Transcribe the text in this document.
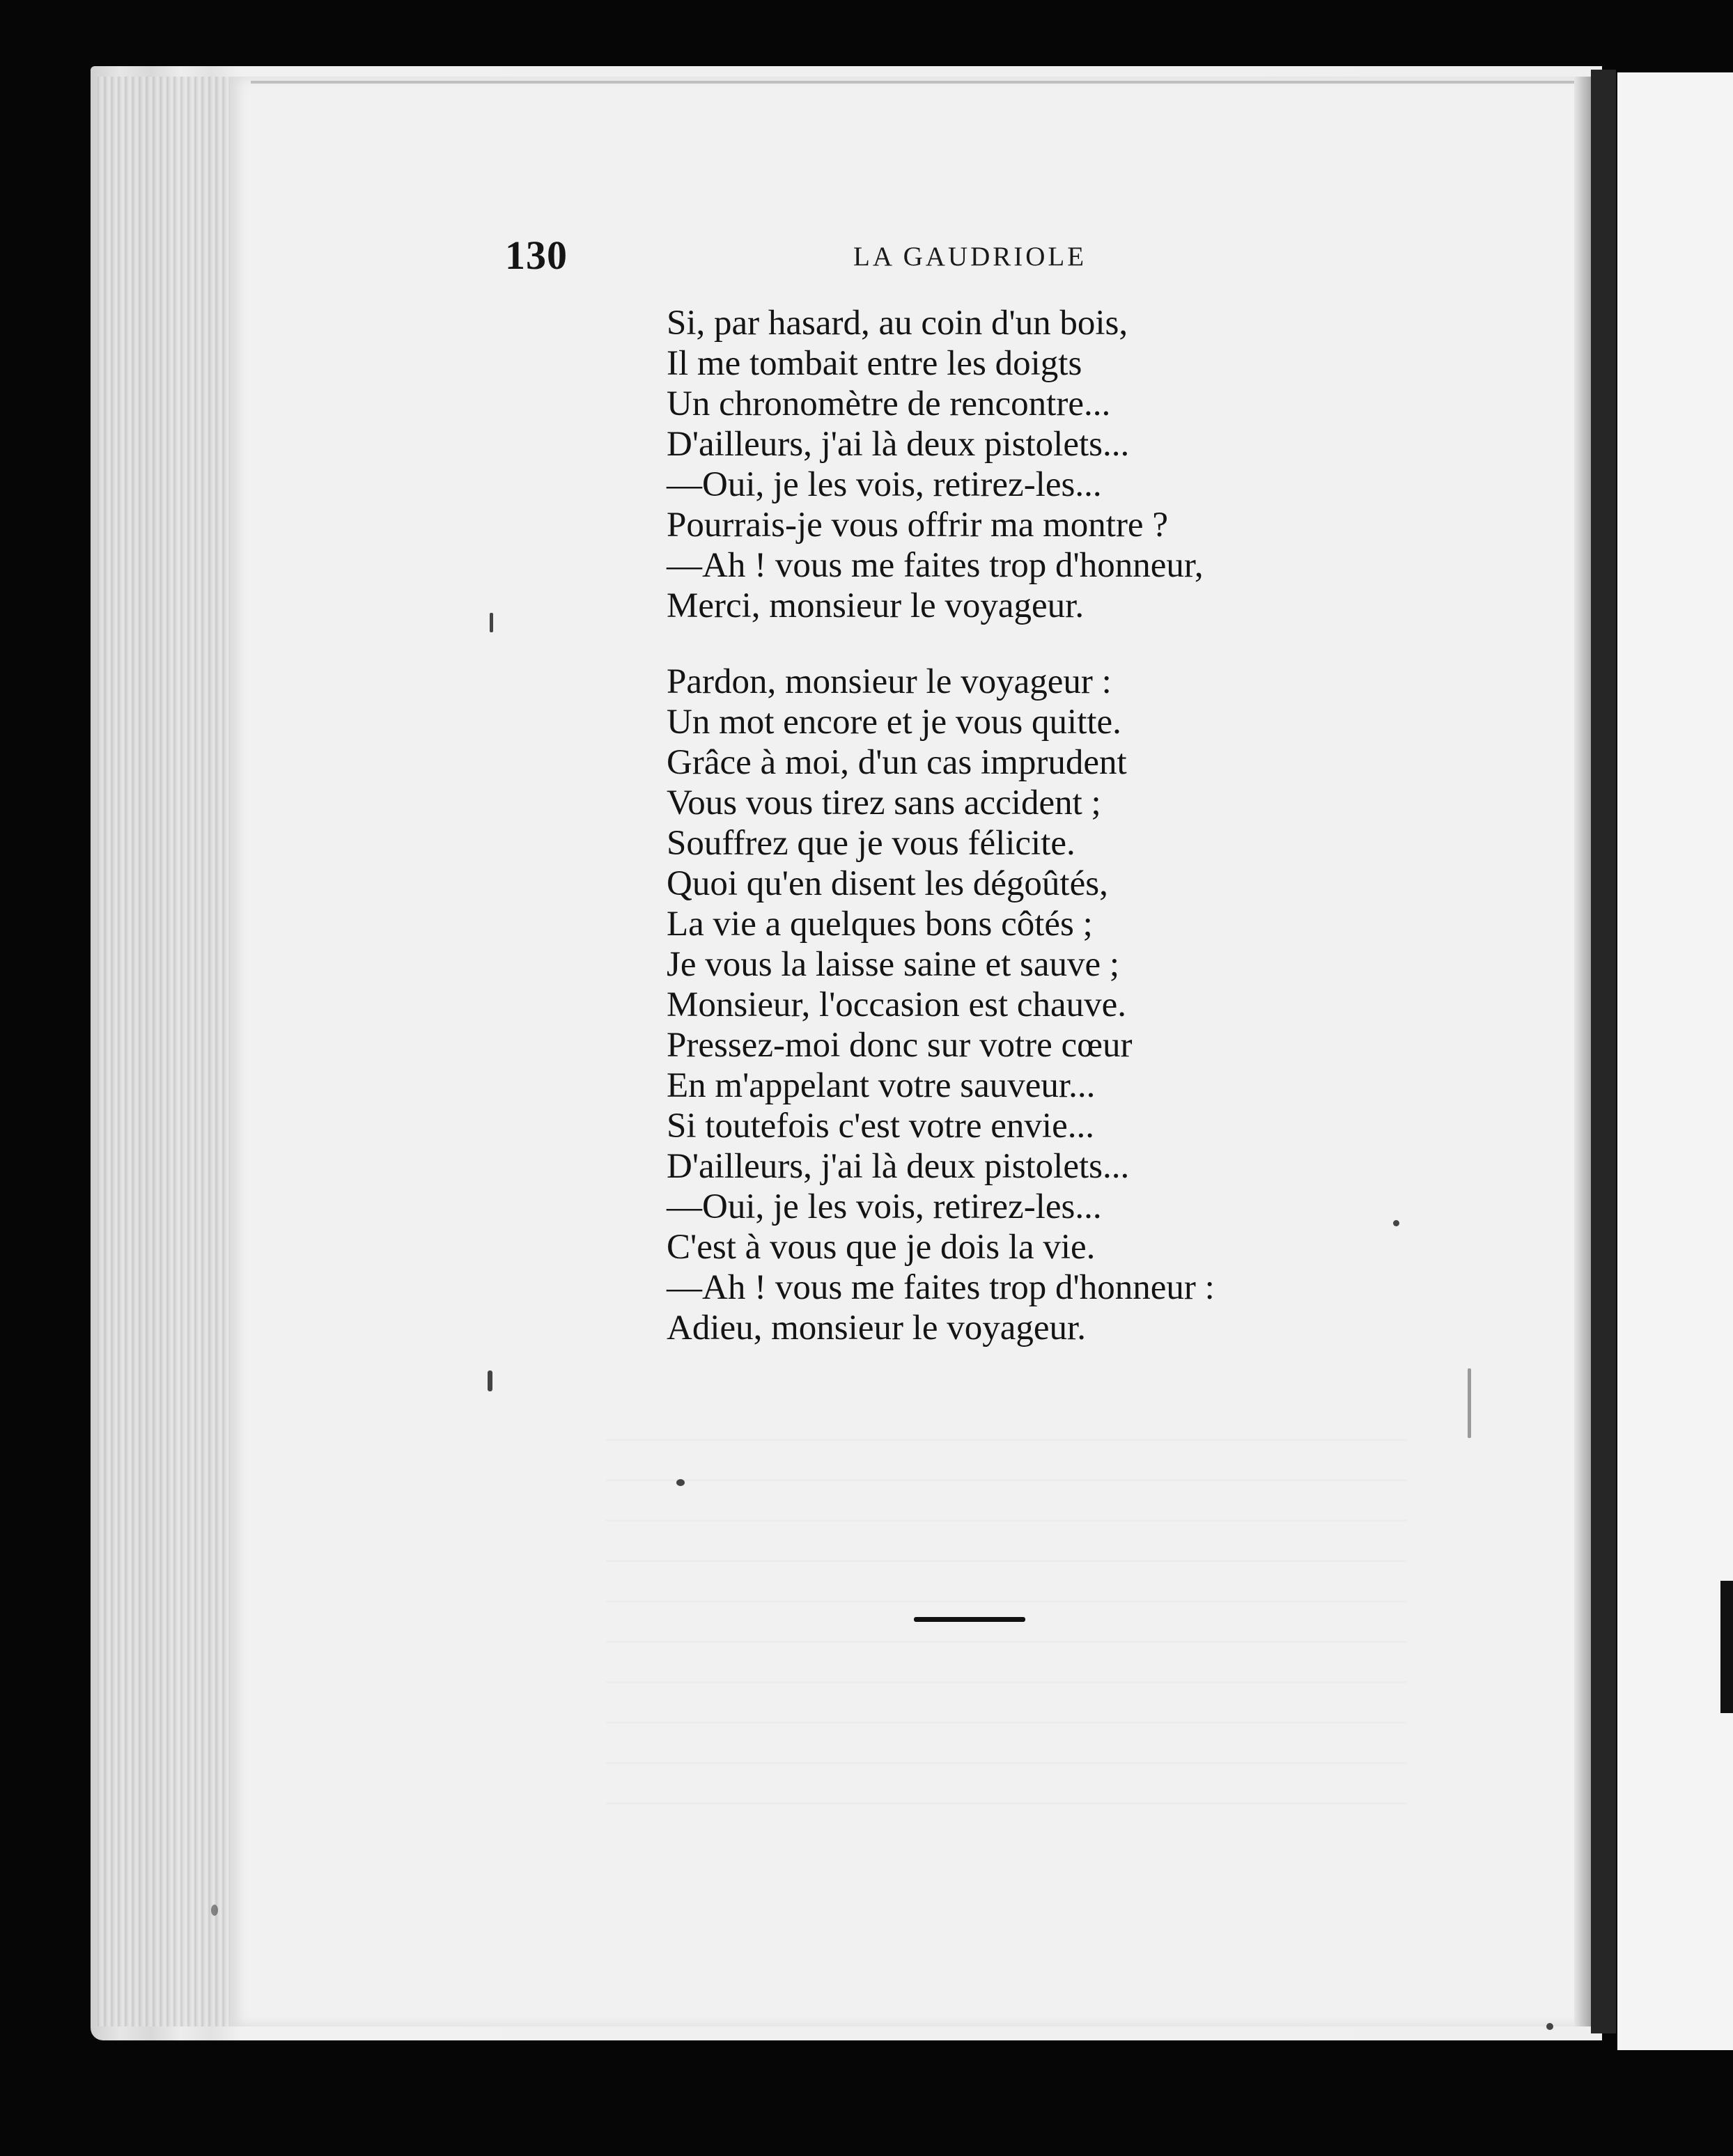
130	LA GAUDRIOLE
Si, par hasard, au coin d'un bois,
Il me tombait entre les doigts
Un chronomètre de rencontre...
D'ailleurs, j'ai là deux pistolets...
—Oui, je les vois, retirez-les...
Pourrais-je vous offrir ma montre ?
—Ah ! vous me faites trop d'honneur,
Merci, monsieur le voyageur.
Pardon, monsieur le voyageur :
Un mot encore et je vous quitte.
Grâce à moi, d'un cas imprudent
Vous vous tirez sans accident ;
Souffrez que je vous félicite.
Quoi qu'en disent les dégoûtés,
La vie a quelques bons côtés ;
Je vous la laisse saine et sauve ;
Monsieur, l'occasion est chauve.
Pressez-moi donc sur votre cœur
En m'appelant votre sauveur...
Si toutefois c'est votre envie...
D'ailleurs, j'ai là deux pistolets...
—Oui, je les vois, retirez-les...
C'est à vous que je dois la vie.
—Ah ! vous me faites trop d'honneur :
Adieu, monsieur le voyageur.
